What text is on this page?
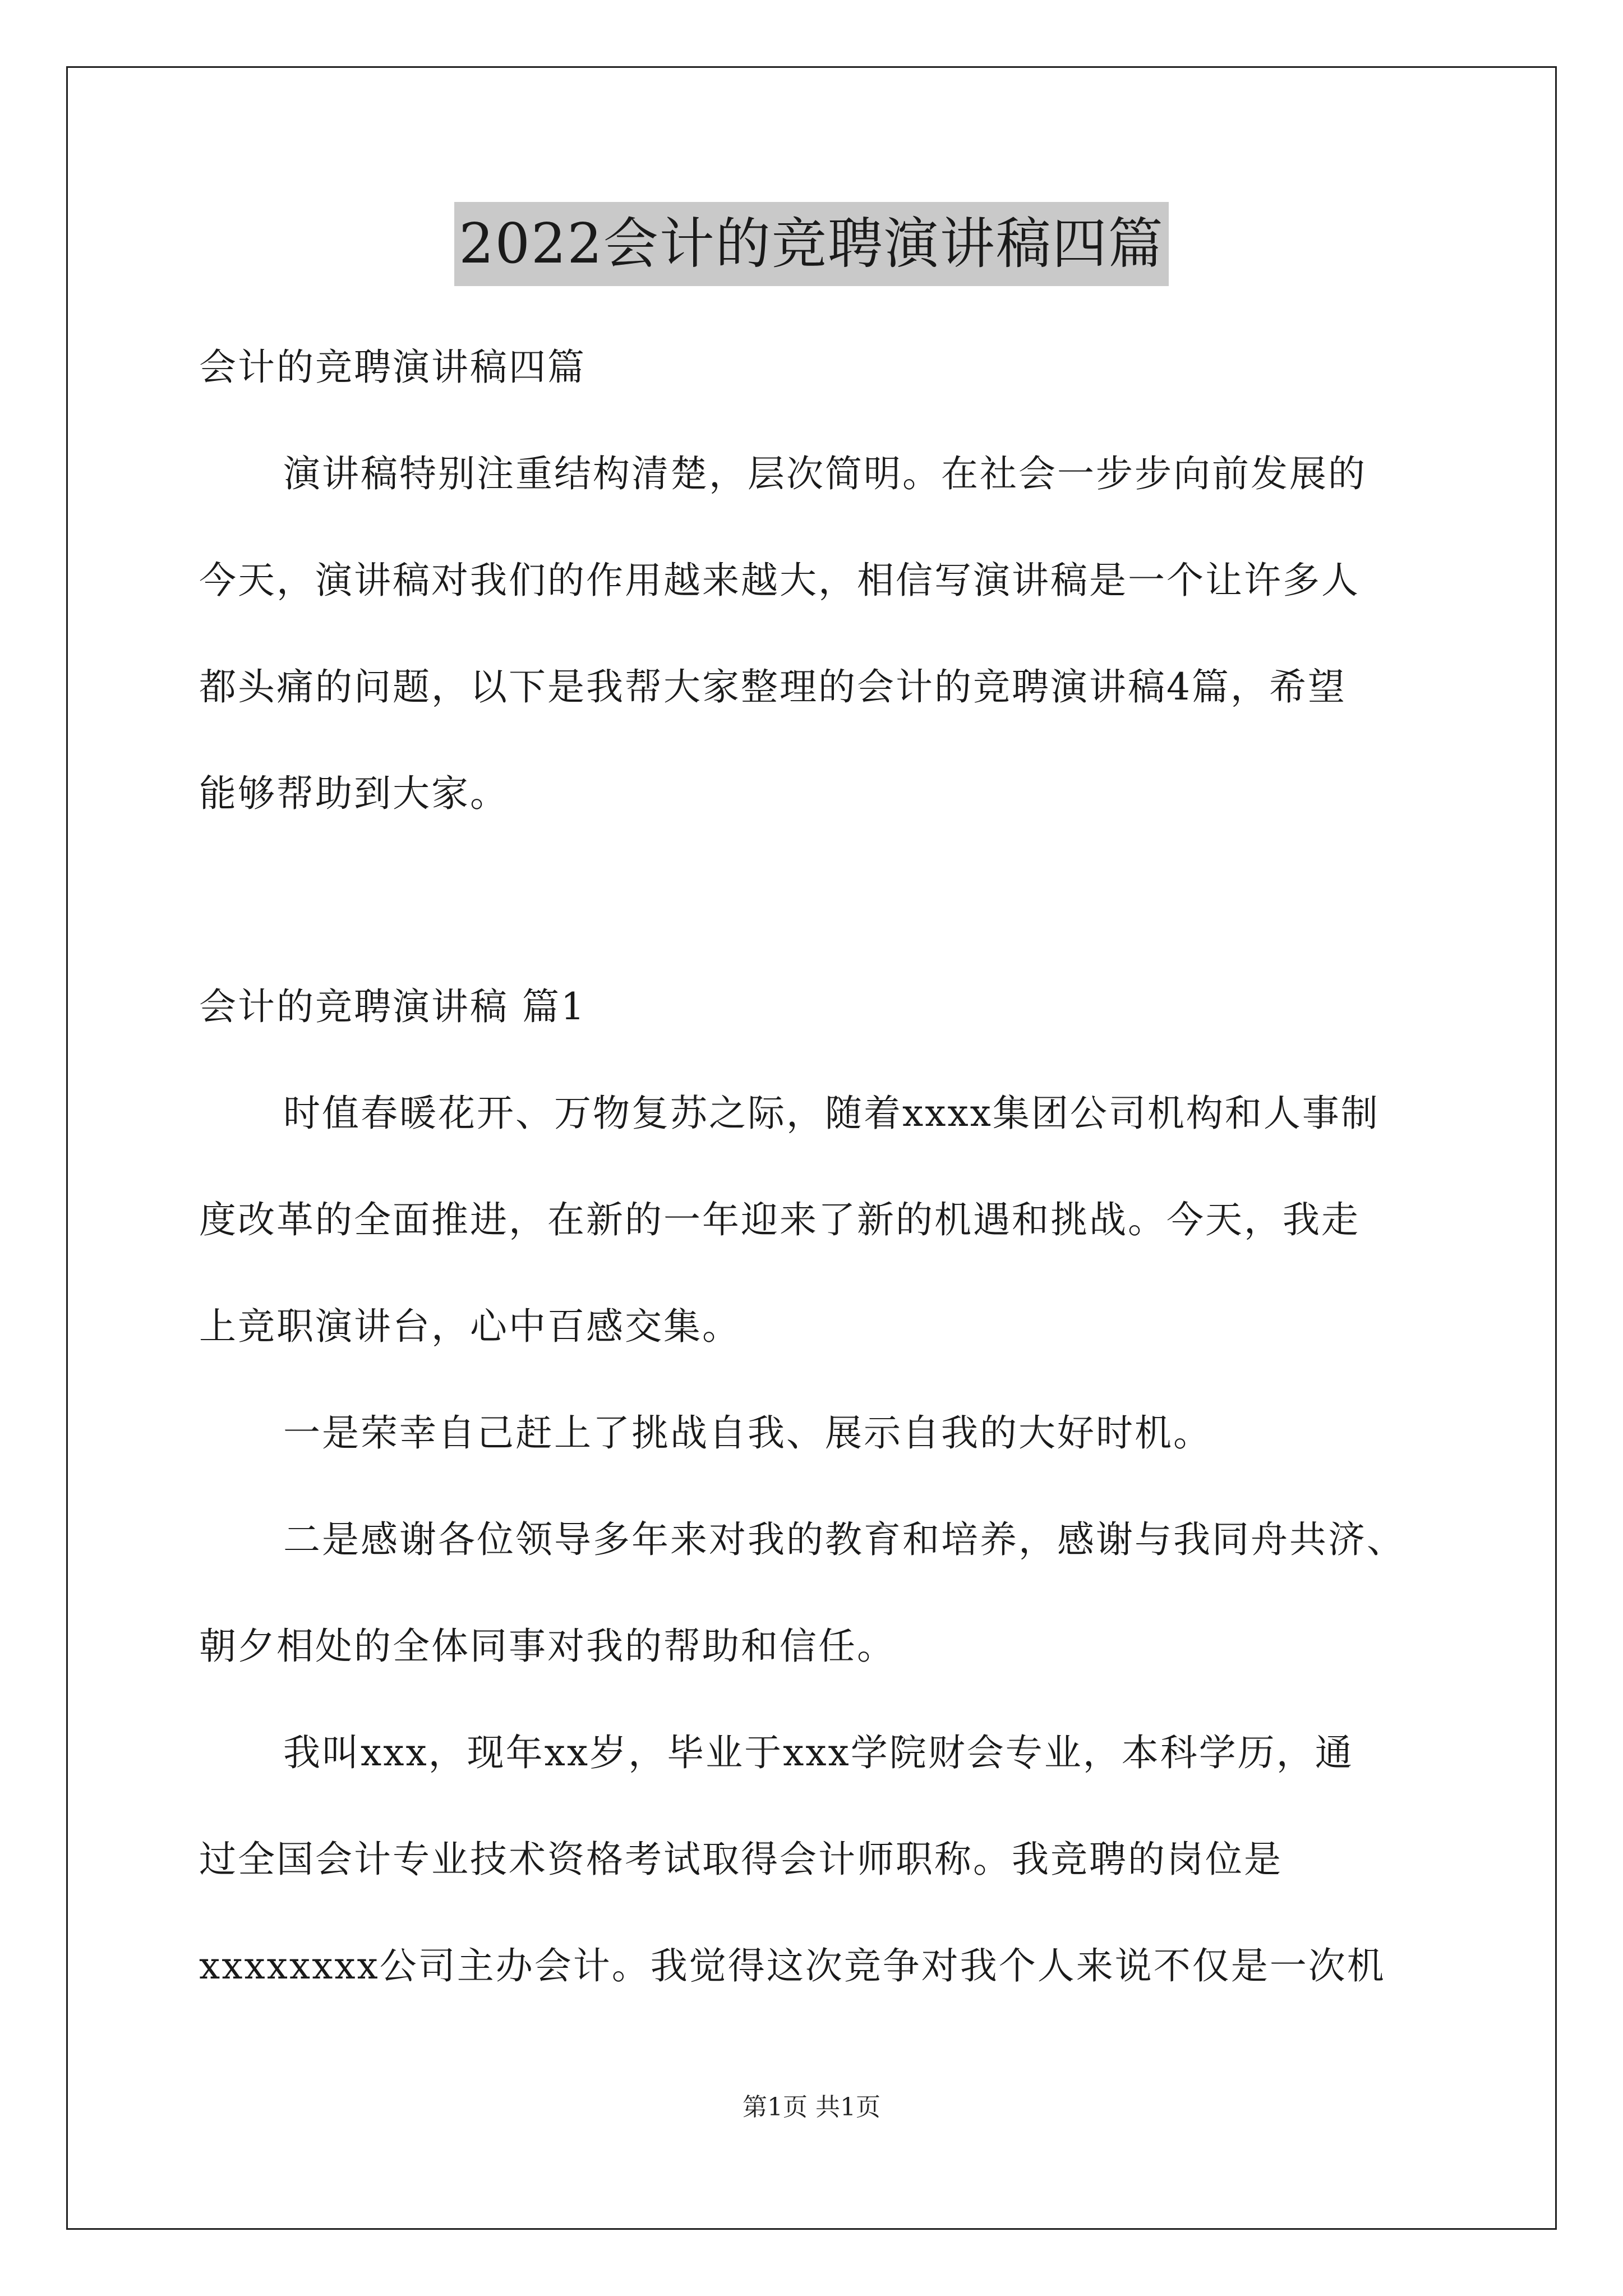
2022会计的竞聘演讲稿四篇
会计的竞聘演讲稿四篇
演讲稿特别注重结构清楚，层次简明。在社会一步步向前发展的
今天，演讲稿对我们的作用越来越大，相信写演讲稿是一个让许多人
都头痛的问题，以下是我帮大家整理的会计的竞聘演讲稿4篇，希望
能够帮助到大家。
会计的竞聘演讲稿 篇1
时值春暖花开、万物复苏之际，随着xxxx集团公司机构和人事制
度改革的全面推进，在新的一年迎来了新的机遇和挑战。今天，我走
上竞职演讲台，心中百感交集。
一是荣幸自己赶上了挑战自我、展示自我的大好时机。
二是感谢各位领导多年来对我的教育和培养，感谢与我同舟共济、
朝夕相处的全体同事对我的帮助和信任。
我叫xxx，现年xx岁，毕业于xxx学院财会专业，本科学历，通
过全国会计专业技术资格考试取得会计师职称。我竞聘的岗位是
xxxxxxxx公司主办会计。我觉得这次竞争对我个人来说不仅是一次机
第1页 共1页
